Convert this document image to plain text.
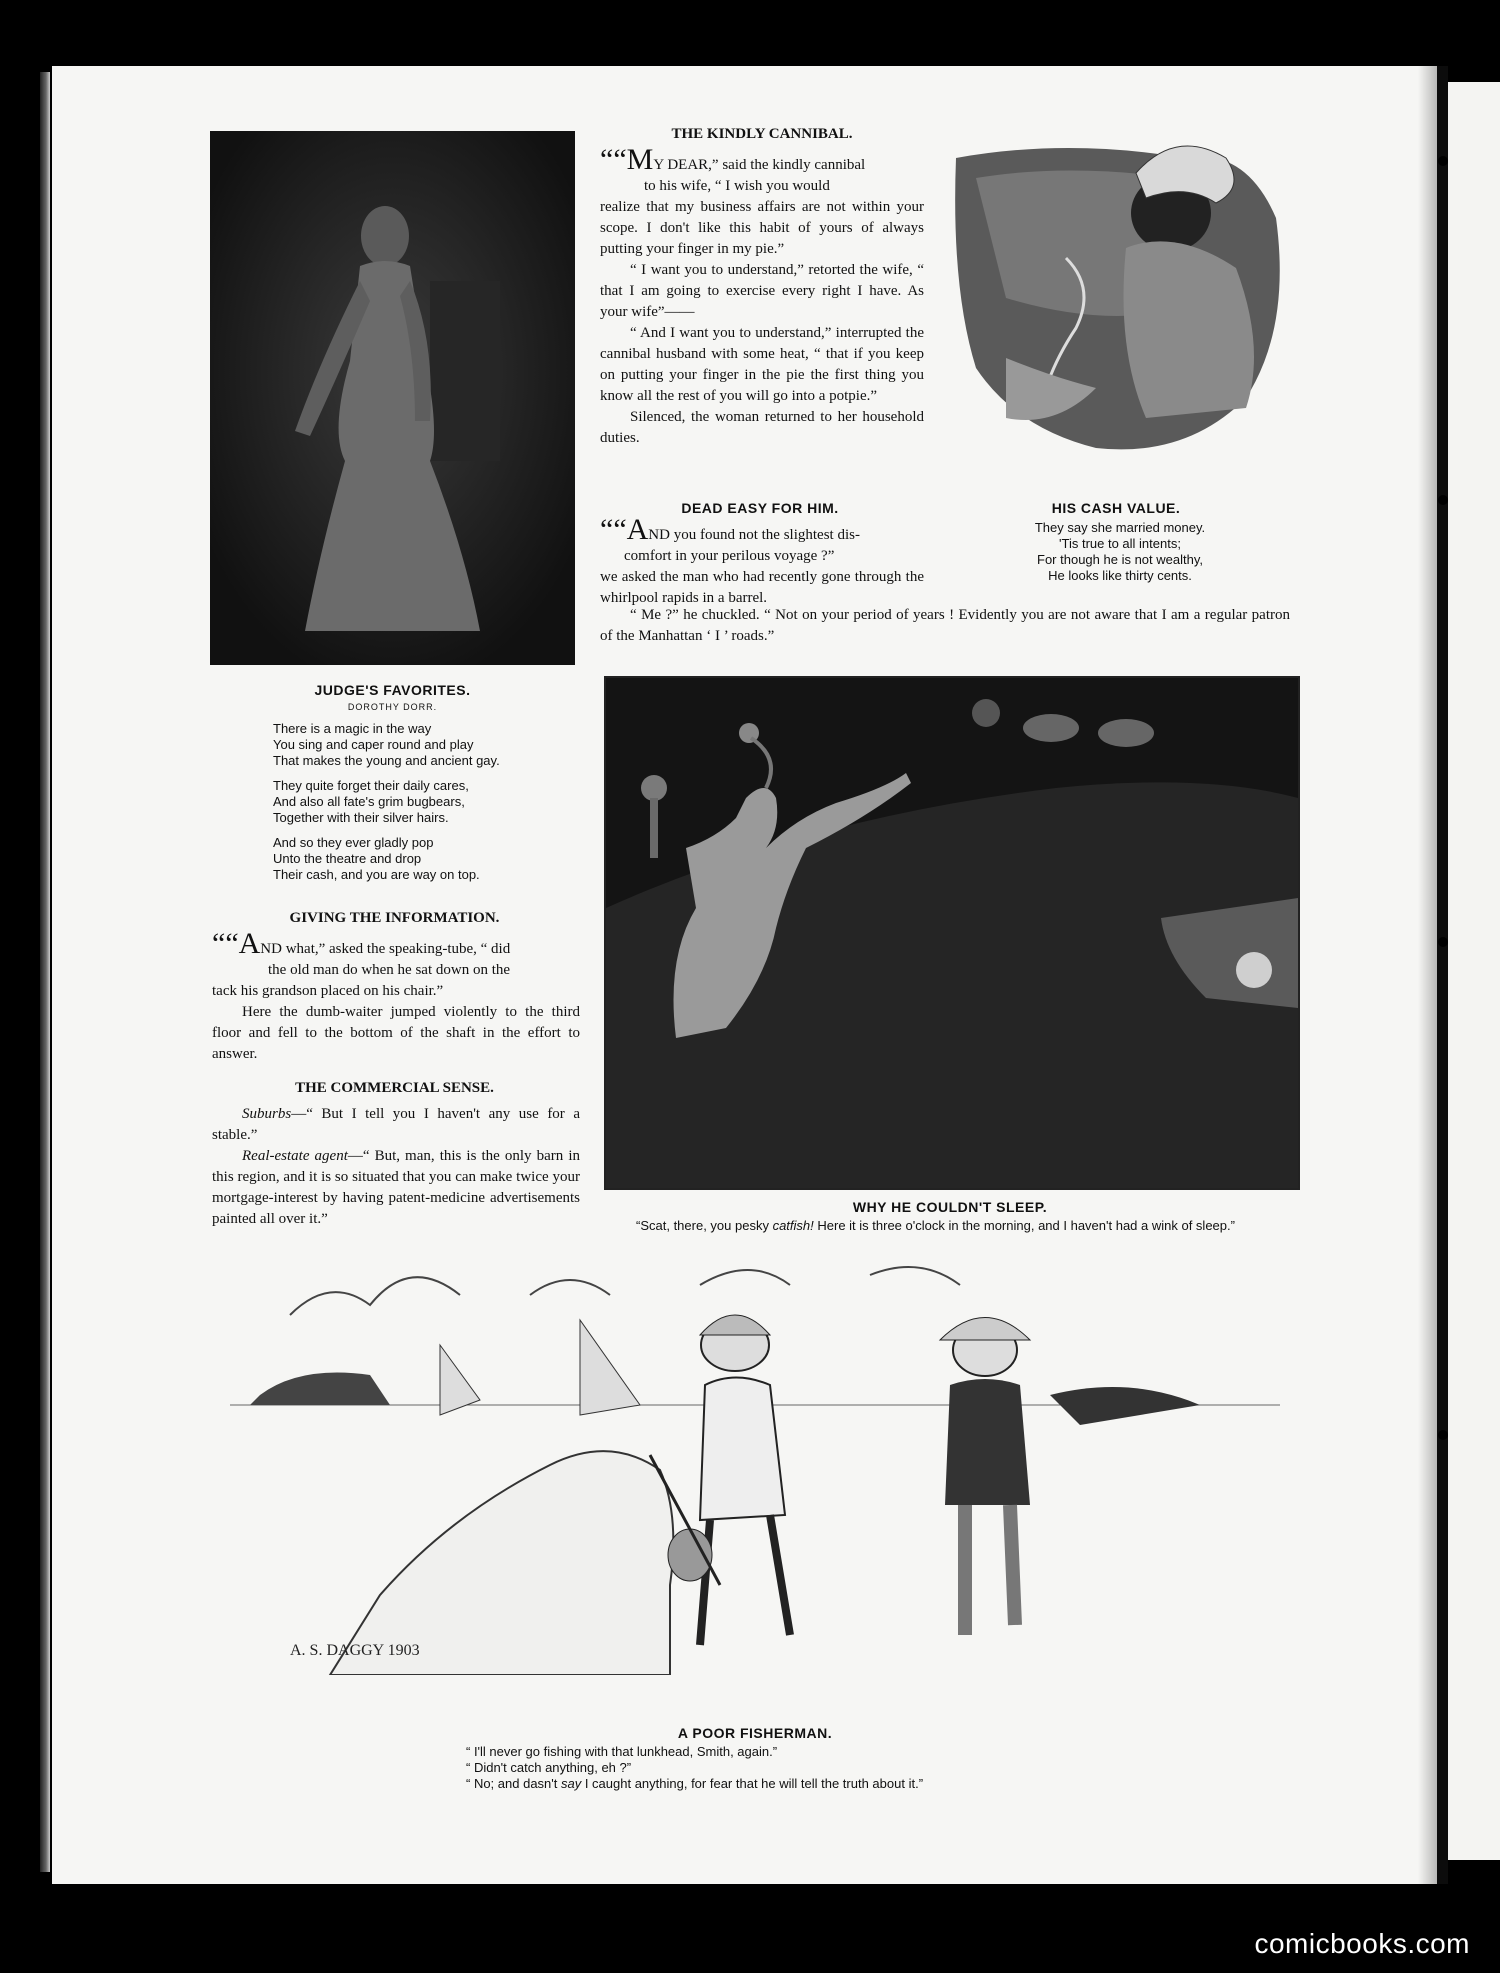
THE KINDLY CANNIBAL.

““MY DEAR,” said the kindly cannibal

to his wife, “ I wish you would

realize that my business affairs are not within your scope. I don't like this habit of yours of always putting your finger in my pie.”

“ I want you to understand,” retorted the wife, “ that I am going to exercise every right I have. As your wife”——

“ And I want you to understand,” interrupted the cannibal husband with some heat, “ that if you keep on putting your finger in the pie the first thing you know all the rest of you will go into a potpie.”

Silenced, the woman returned to her household duties.

HIS CASH VALUE.
They say she married money.
'Tis true to all intents;
For though he is not wealthy,
He looks like thirty cents.
DEAD EASY FOR HIM.

““AND you found not the slightest dis-

comfort in your perilous voyage ?”

we asked the man who had recently gone through the whirlpool rapids in a barrel.

“ Me ?” he chuckled. “ Not on your period of years ! Evidently you are not aware that I am a regular patron of the Manhattan ‘ I ’ roads.”
JUDGE'S FAVORITES.
DOROTHY DORR.
There is a magic in the way
You sing and caper round and play
That makes the young and ancient gay.
They quite forget their daily cares,
And also all fate's grim bugbears,
Together with their silver hairs.
And so they ever gladly pop
Unto the theatre and drop
Their cash, and you are way on top.
GIVING THE INFORMATION.

““AND what,” asked the speaking-tube, “ did

the old man do when he sat down on the

tack his grandson placed on his chair.”

Here the dumb-waiter jumped violently to the third floor and fell to the bottom of the shaft in the effort to answer.

THE COMMERCIAL SENSE.

Suburbs—“ But I tell you I haven't any use for a stable.”

Real-estate agent—“ But, man, this is the only barn in this region, and it is so situated that you can make twice your mortgage-interest by having patent-medicine advertisements painted all over it.”

WHY HE COULDN'T SLEEP.
“Scat, there, you pesky catfish! Here it is three o'clock in the morning, and I haven't had a wink of sleep.”
A. S. DAGGY 1903
A POOR FISHERMAN.
“ I'll never go fishing with that lunkhead, Smith, again.”
“ Didn't catch anything, eh ?”
“ No; and dasn't say I caught anything, for fear that he will tell the truth about it.”
comicbooks.com
